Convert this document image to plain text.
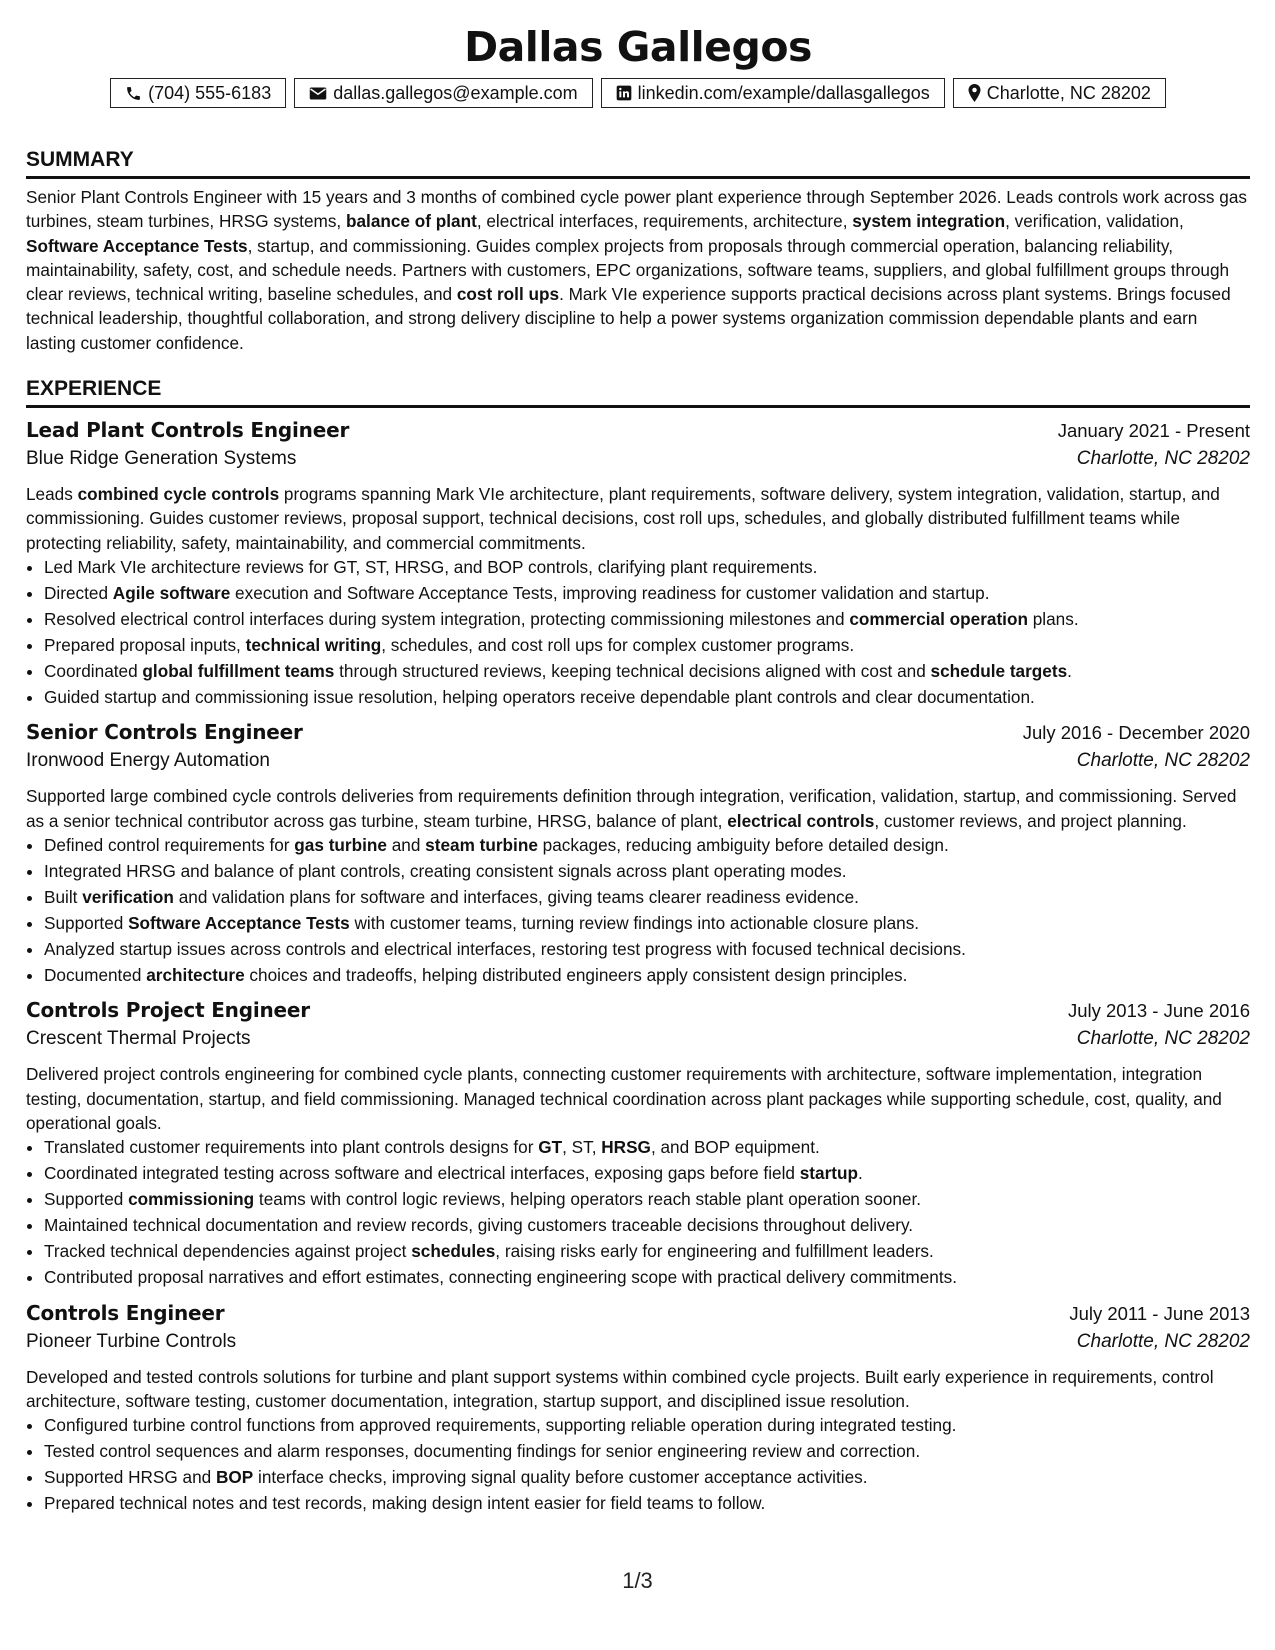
Dallas Gallegos
(704) 555-6183	dallas.gallegos@example.com	linkedin.com/example/dallasgallegos	Charlotte, NC 28202
SUMMARY
Senior Plant Controls Engineer with 15 years and 3 months of combined cycle power plant experience through September 2026. Leads controls work across gas turbines, steam turbines, HRSG systems, balance of plant, electrical interfaces, requirements, architecture, system integration, verification, validation, Software Acceptance Tests, startup, and commissioning. Guides complex projects from proposals through commercial operation, balancing reliability, maintainability, safety, cost, and schedule needs. Partners with customers, EPC organizations, software teams, suppliers, and global fulfillment groups through clear reviews, technical writing, baseline schedules, and cost roll ups. Mark VIe experience supports practical decisions across plant systems. Brings focused technical leadership, thoughtful collaboration, and strong delivery discipline to help a power systems organization commission dependable plants and earn lasting customer confidence.
EXPERIENCE
Lead Plant Controls Engineer	January 2021 - Present
Blue Ridge Generation Systems	Charlotte, NC 28202
Leads combined cycle controls programs spanning Mark VIe architecture, plant requirements, software delivery, system integration, validation, startup, and commissioning. Guides customer reviews, proposal support, technical decisions, cost roll ups, schedules, and globally distributed fulfillment teams while protecting reliability, safety, maintainability, and commercial commitments.
• Led Mark VIe architecture reviews for GT, ST, HRSG, and BOP controls, clarifying plant requirements.
• Directed Agile software execution and Software Acceptance Tests, improving readiness for customer validation and startup.
• Resolved electrical control interfaces during system integration, protecting commissioning milestones and commercial operation plans.
• Prepared proposal inputs, technical writing, schedules, and cost roll ups for complex customer programs.
• Coordinated global fulfillment teams through structured reviews, keeping technical decisions aligned with cost and schedule targets.
• Guided startup and commissioning issue resolution, helping operators receive dependable plant controls and clear documentation.
Senior Controls Engineer	July 2016 - December 2020
Ironwood Energy Automation	Charlotte, NC 28202
Supported large combined cycle controls deliveries from requirements definition through integration, verification, validation, startup, and commissioning. Served as a senior technical contributor across gas turbine, steam turbine, HRSG, balance of plant, electrical controls, customer reviews, and project planning.
• Defined control requirements for gas turbine and steam turbine packages, reducing ambiguity before detailed design.
• Integrated HRSG and balance of plant controls, creating consistent signals across plant operating modes.
• Built verification and validation plans for software and interfaces, giving teams clearer readiness evidence.
• Supported Software Acceptance Tests with customer teams, turning review findings into actionable closure plans.
• Analyzed startup issues across controls and electrical interfaces, restoring test progress with focused technical decisions.
• Documented architecture choices and tradeoffs, helping distributed engineers apply consistent design principles.
Controls Project Engineer	July 2013 - June 2016
Crescent Thermal Projects	Charlotte, NC 28202
Delivered project controls engineering for combined cycle plants, connecting customer requirements with architecture, software implementation, integration testing, documentation, startup, and field commissioning. Managed technical coordination across plant packages while supporting schedule, cost, quality, and operational goals.
• Translated customer requirements into plant controls designs for GT, ST, HRSG, and BOP equipment.
• Coordinated integrated testing across software and electrical interfaces, exposing gaps before field startup.
• Supported commissioning teams with control logic reviews, helping operators reach stable plant operation sooner.
• Maintained technical documentation and review records, giving customers traceable decisions throughout delivery.
• Tracked technical dependencies against project schedules, raising risks early for engineering and fulfillment leaders.
• Contributed proposal narratives and effort estimates, connecting engineering scope with practical delivery commitments.
Controls Engineer	July 2011 - June 2013
Pioneer Turbine Controls	Charlotte, NC 28202
Developed and tested controls solutions for turbine and plant support systems within combined cycle projects. Built early experience in requirements, control architecture, software testing, customer documentation, integration, startup support, and disciplined issue resolution.
• Configured turbine control functions from approved requirements, supporting reliable operation during integrated testing.
• Tested control sequences and alarm responses, documenting findings for senior engineering review and correction.
• Supported HRSG and BOP interface checks, improving signal quality before customer acceptance activities.
• Prepared technical notes and test records, making design intent easier for field teams to follow.
1/3
